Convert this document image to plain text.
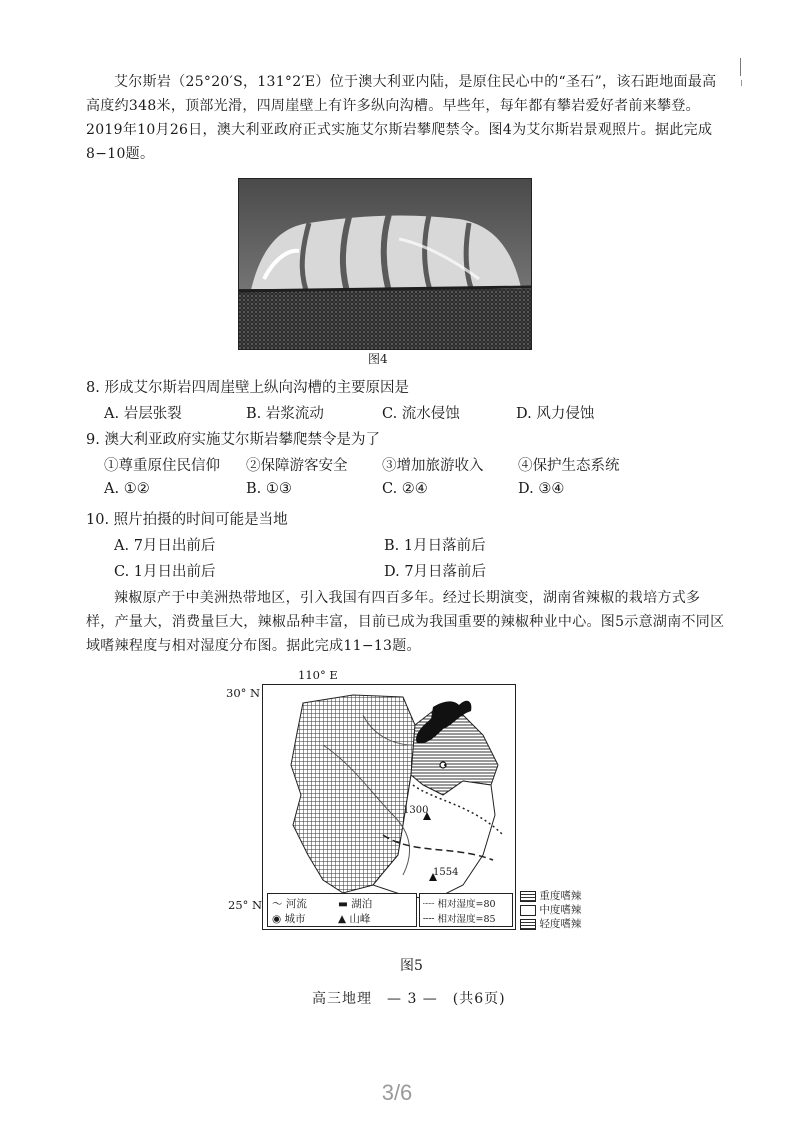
艾尔斯岩（25°20′S，131°2′E）位于澳大利亚内陆，是原住民心中的“圣石”，该石距地面最高高度约348米，顶部光滑，四周崖壁上有许多纵向沟槽。早些年，每年都有攀岩爱好者前来攀登。2019年10月26日，澳大利亚政府正式实施艾尔斯岩攀爬禁令。图4为艾尔斯岩景观照片。据此完成8−10题。
图4
8. 形成艾尔斯岩四周崖壁上纵向沟槽的主要原因是
A. 岩层张裂	B. 岩浆流动	C. 流水侵蚀	D. 风力侵蚀
9. 澳大利亚政府实施艾尔斯岩攀爬禁令是为了
①尊重原住民信仰 ②保障游客安全 ③增加旅游收入 ④保护生态系统
A. ①②	B. ①③	C. ②④	D. ③④
10. 照片拍摄的时间可能是当地
A. 7月日出前后	B. 1月日落前后
C. 1月日出前后	D. 7月日落前后
辣椒原产于中美洲热带地区，引入我国有四百多年。经过长期演变，湖南省辣椒的栽培方式多样，产量大，消费量巨大，辣椒品种丰富，目前已成为我国重要的辣椒种业中心。图5示意湖南不同区域嗜辣程度与相对湿度分布图。据此完成11−13题。
110° E
30° N
25° N
1300
1554
〜 河流	▬ 湖泊
◉ 城市	▲ 山峰
┈┈ 相对湿度=80
╌╌ 相对湿度=85
重度嗜辣
中度嗜辣
轻度嗜辣
图5
高三地理　— 3 —　(共6页)
3/6
